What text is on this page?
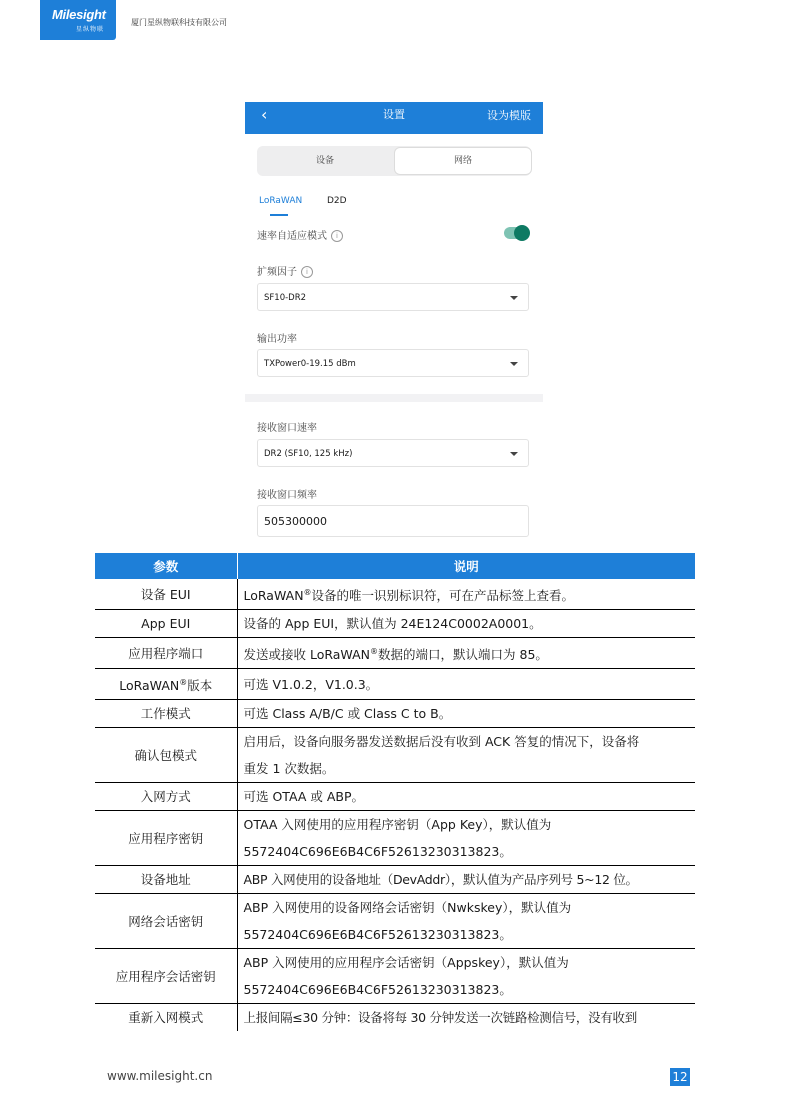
Milesight
星纵物联
厦门星纵物联科技有限公司
‹	设置	设为模版
设备	网络
LoRaWAN	D2D
速率自适应模式 i
扩频因子 i
SF10-DR2
输出功率
TXPower0-19.15 dBm
接收窗口速率
DR2 (SF10, 125 kHz)
接收窗口频率
505300000
参数	说明
设备 EUI	LoRaWAN®设备的唯一识别标识符，可在产品标签上查看。
App EUI	设备的 App EUI，默认值为 24E124C0002A0001。
应用程序端口	发送或接收 LoRaWAN®数据的端口，默认端口为 85。
LoRaWAN®版本	可选 V1.0.2，V1.0.3。
工作模式	可选 Class A/B/C 或 Class C to B。
确认包模式	启用后，设备向服务器发送数据后没有收到 ACK 答复的情况下，设备将
重发 1 次数据。

入网方式	可选 OTAA 或 ABP。
应用程序密钥	OTAA 入网使用的应用程序密钥（App Key），默认值为
5572404C696E6B4C6F52613230313823。

设备地址	ABP 入网使用的设备地址（DevAddr），默认值为产品序列号 5~12 位。
网络会话密钥	ABP 入网使用的设备网络会话密钥（Nwkskey），默认值为
5572404C696E6B4C6F52613230313823。

应用程序会话密钥	ABP 入网使用的应用程序会话密钥（Appskey），默认值为
5572404C696E6B4C6F52613230313823。

重新入网模式	上报间隔≤30 分钟：设备将每 30 分钟发送一次链路检测信号，没有收到
www.milesight.cn	12
